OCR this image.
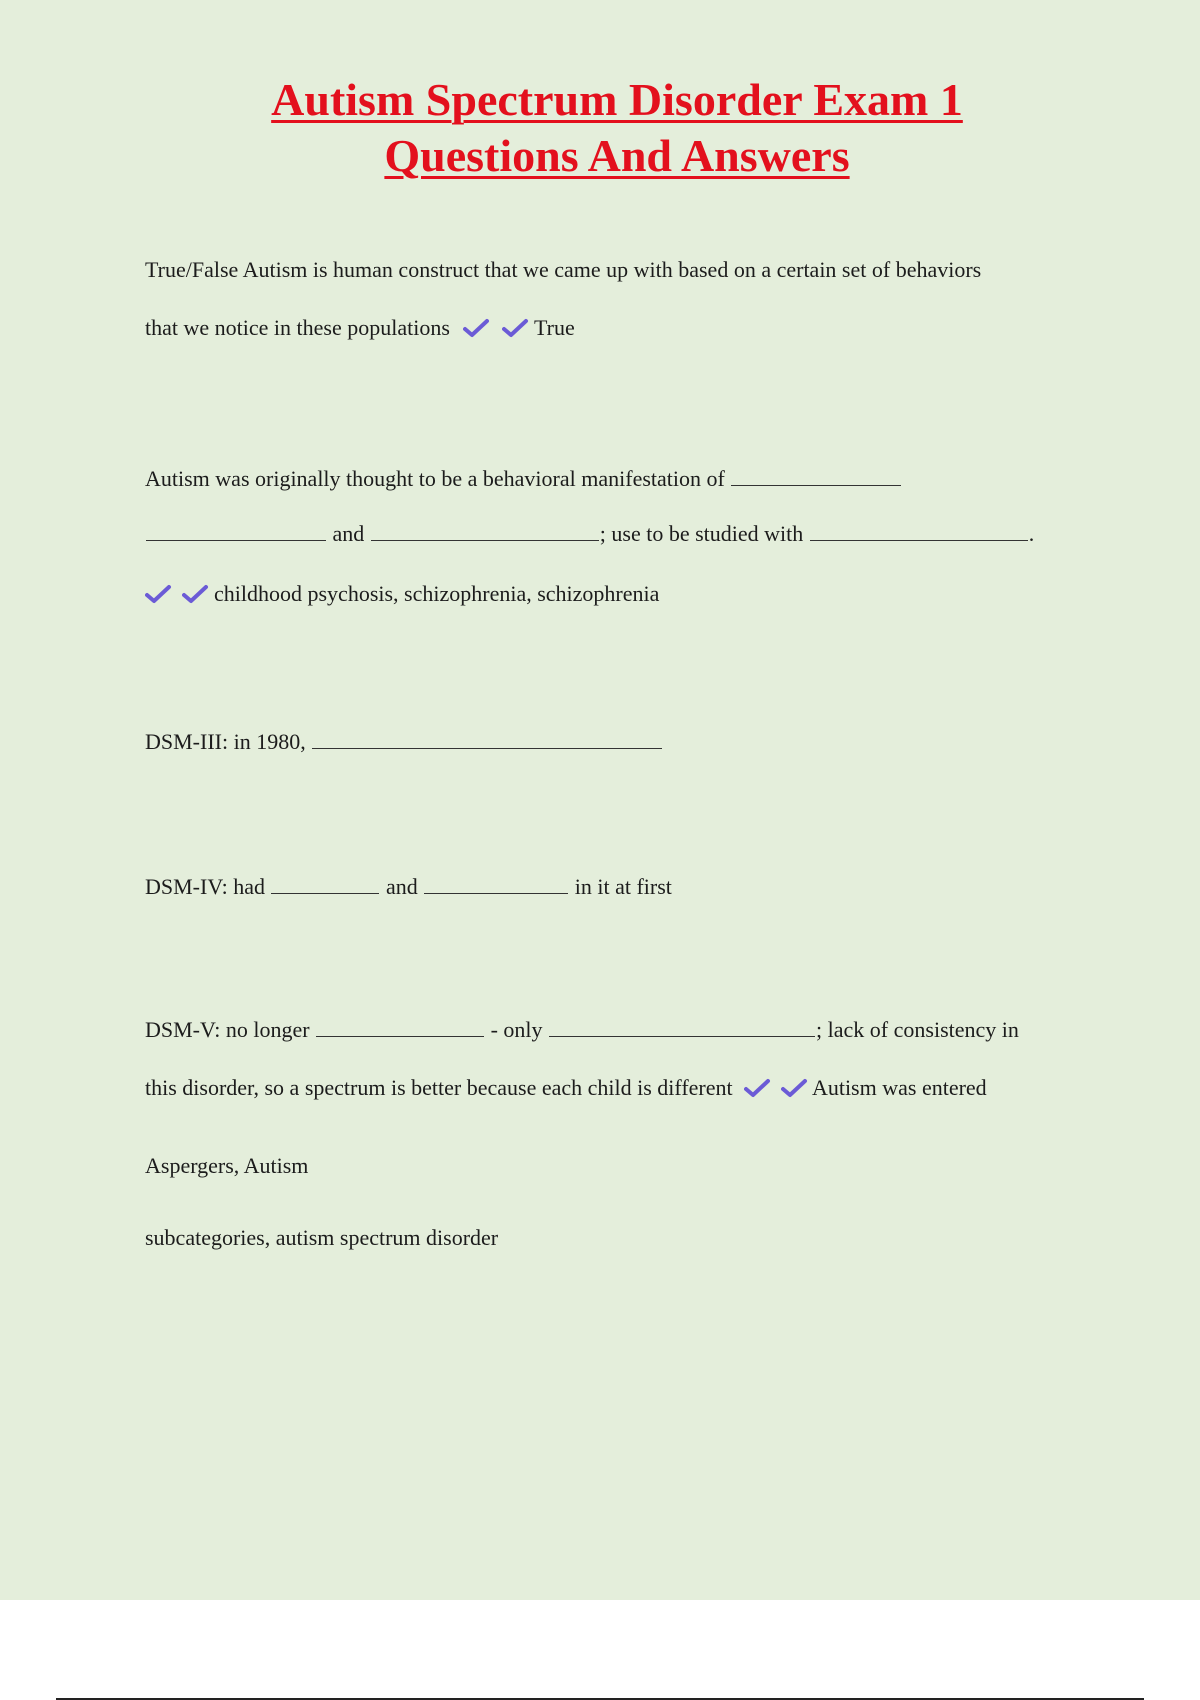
Autism Spectrum Disorder Exam 1
Questions And Answers
True/False Autism is human construct that we came up with based on a certain set of behaviors
that we notice in these populations
	True
Autism was originally thought to be a behavioral manifestation of
and	; use to be studied with	.

childhood psychosis, schizophrenia, schizophrenia
DSM-III: in 1980,
DSM-IV: had	and	in it at first
DSM-V: no longer	- only	; lack of consistency in
this disorder, so a spectrum is better because each child is different
	Autism was entered
Aspergers, Autism
subcategories, autism spectrum disorder
